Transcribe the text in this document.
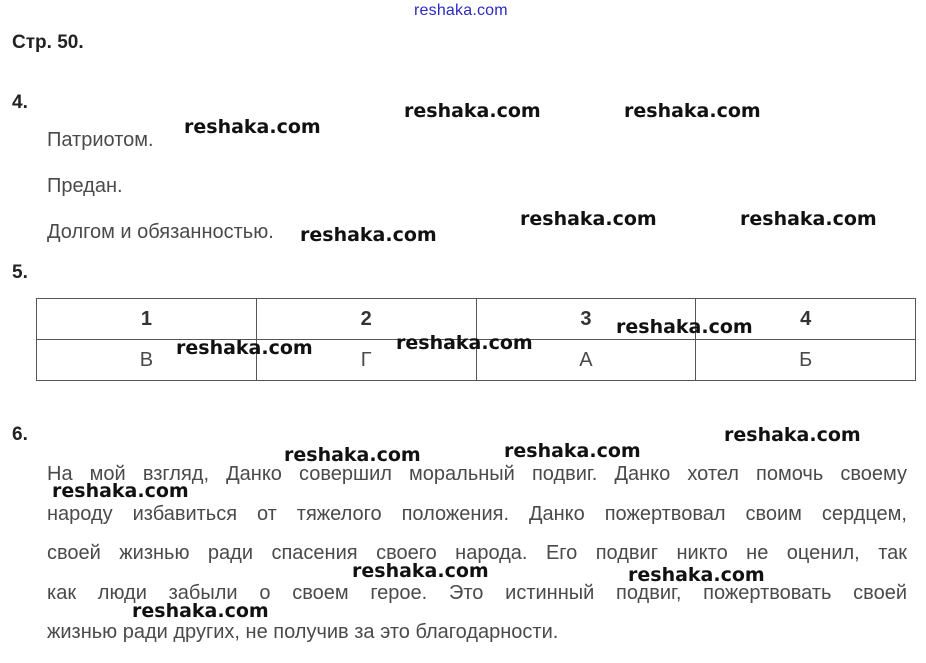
reshaka.com
Стр. 50.
4.
Патриотом.
Предан.
Долгом и обязанностью.
5.
1	2	3	4
В	Г	А	Б
6.
На мой взгляд, Данко совершил моральный подвиг. Данко хотел помочь своему
народу избавиться от тяжелого положения. Данко пожертвовал своим сердцем,
своей жизнью ради спасения своего народа. Его подвиг никто не оценил, так
как люди забыли о своем герое. Это истинный подвиг, пожертвовать своей
жизнью ради других, не получив за это благодарности.
reshaka.com
reshaka.com	reshaka.com
reshaka.com	reshaka.com
reshaka.com
reshaka.com
reshaka.com	reshaka.com
reshaka.com
reshaka.com	reshaka.com
reshaka.com
reshaka.com	reshaka.com
reshaka.com
